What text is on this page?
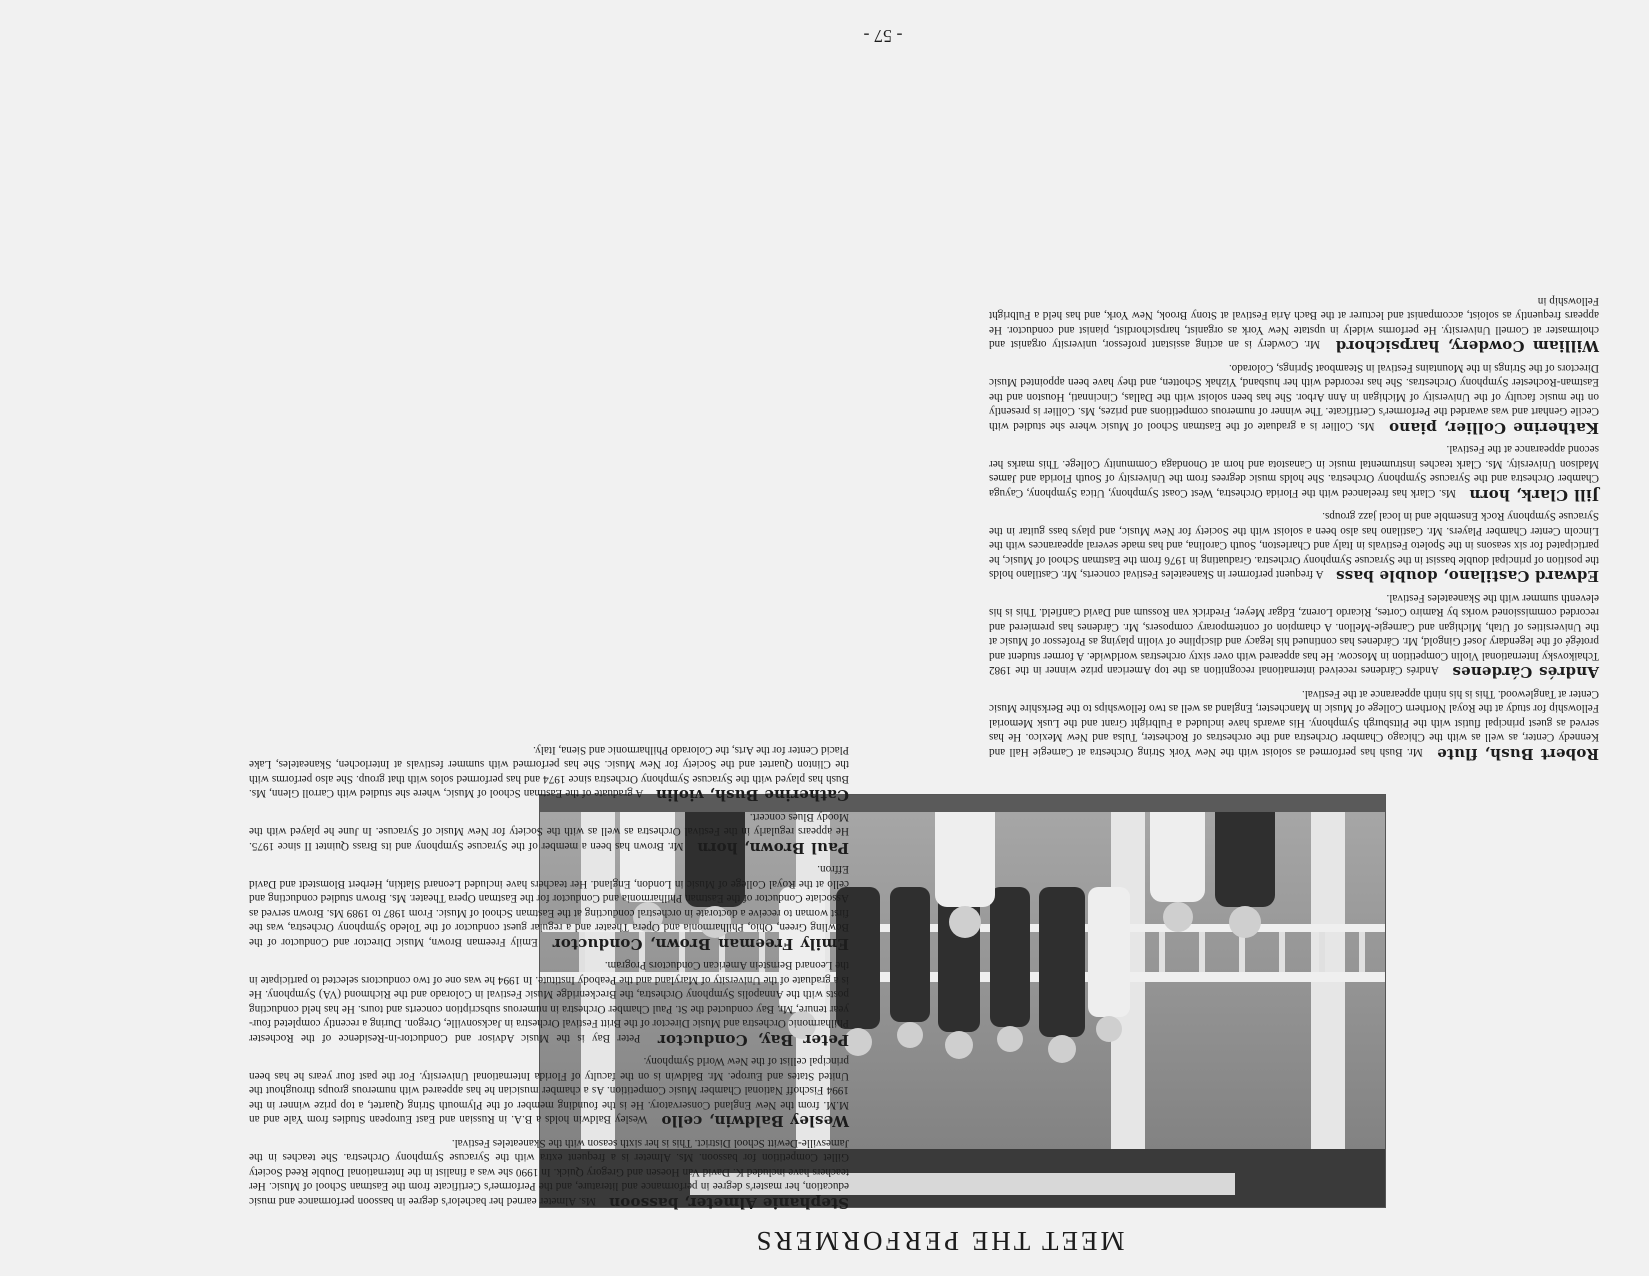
MEET THE PERFORMERS
Stephanie Almeter, bassoon Ms. Almeter earned her bachelor's degree in bassoon performance and music education, her master's degree in performance and literature, and the Performer's Certificate from the Eastman School of Music. Her teachers have included K. David Van Hoesen and Gregory Quick. In 1990 she was a finalist in the International Double Reed Society Gillet Competition for bassoon. Ms. Almeter is a frequent extra with the Syracuse Symphony Orchestra. She teaches in the Jamesville-Dewitt School District. This is her sixth season with the Skaneateles Festival.
Wesley Baldwin, cello Wesley Baldwin holds a B.A. in Russian and East European Studies from Yale and an M.M. from the New England Conservatory. He is the founding member of the Plymouth String Quartet, a top prize winner in the 1994 Fischoff National Chamber Music Competition. As a chamber musician he has appeared with numerous groups throughout the United States and Europe. Mr. Baldwin is on the faculty of Florida International University. For the past four years he has been principal cellist of the New World Symphony.
Peter Bay, Conductor Peter Bay is the Music Advisor and Conductor-in-Residence of the Rochester Philharmonic Orchestra and Music Director of the Britt Festival Orchestra in Jacksonville, Oregon. During a recently completed four-year tenure, Mr. Bay conducted the St. Paul Chamber Orchestra in numerous subscription concerts and tours. He has held conducting posts with the Annapolis Symphony Orchestra, the Breckenridge Music Festival in Colorado and the Richmond (VA) Symphony. He is a graduate of the University of Maryland and the Peabody Institute. In 1994 he was one of two conductors selected to participate in the Leonard Bernstein American Conductors Program.
Emily Freeman Brown, Conductor Emily Freeman Brown, Music Director and Conductor of the Bowling Green, Ohio, Philharmonia and Opera Theater and a regular guest conductor of the Toledo Symphony Orchestra, was the first woman to receive a doctorate in orchestral conducting at the Eastman School of Music. From 1987 to 1989 Ms. Brown served as Associate Conductor of the Eastman Philharmonia and Conductor for the Eastman Opera Theater. Ms. Brown studied conducting and cello at the Royal College of Music in London, England. Her teachers have included Leonard Slatkin, Herbert Blomstedt and David Effron.
Paul Brown, horn Mr. Brown has been a member of the Syracuse Symphony and its Brass Quintet II since 1975. He appears regularly in the Festival Orchestra as well as with the Society for New Music of Syracuse. In June he played with the Moody Blues concert.
Catherine Bush, violin A graduate of the Eastman School of Music, where she studied with Carroll Glenn, Ms. Bush has played with the Syracuse Symphony Orchestra since 1974 and has performed solos with that group. She also performs with the Clinton Quartet and the Society for New Music. She has performed with summer festivals at Interlochen, Skaneateles, Lake Placid Center for the Arts, the Colorado Philharmonic and Siena, Italy.	Robert Bush, flute Mr. Bush has performed as soloist with the New York String Orchestra at Carnegie Hall and Kennedy Center, as well as with the Chicago Chamber Orchestra and the orchestras of Rochester, Tulsa and New Mexico. He has served as guest principal flutist with the Pittsburgh Symphony. His awards have included a Fulbright Grant and the Lusk Memorial Fellowship for study at the Royal Northern College of Music in Manchester, England as well as two fellowships to the Berkshire Music Center at Tanglewood. This is his ninth appearance at the Festival.
Andrés Cárdenes Andrés Cárdenes received international recognition as the top American prize winner in the 1982 Tchaikovsky International Violin Competition in Moscow. He has appeared with over sixty orchestras worldwide. A former student and protégé of the legendary Josef Gingold, Mr. Cárdenes has continued his legacy and discipline of violin playing as Professor of Music at the Universities of Utah, Michigan and Carnegie-Mellon. A champion of contemporary composers, Mr. Cárdenes has premiered and recorded commissioned works by Ramiro Cortes, Ricardo Lorenz, Edgar Meyer, Fredrick van Rossum and David Canfield. This is his eleventh summer with the Skaneateles Festival.
Edward Castilano, double bass A frequent performer in Skaneateles Festival concerts, Mr. Castilano holds the position of principal double bassist in the Syracuse Symphony Orchestra. Graduating in 1976 from the Eastman School of Music, he participated for six seasons in the Spoleto Festivals in Italy and Charleston, South Carolina, and has made several appearances with the Lincoln Center Chamber Players. Mr. Castilano has also been a soloist with the Society for New Music, and plays bass guitar in the Syracuse Symphony Rock Ensemble and in local jazz groups.
Jill Clark, horn Ms. Clark has freelanced with the Florida Orchestra, West Coast Symphony, Utica Symphony, Cayuga Chamber Orchestra and the Syracuse Symphony Orchestra. She holds music degrees from the University of South Florida and James Madison University. Ms. Clark teaches instrumental music in Canastota and horn at Onondaga Community College. This marks her second appearance at the Festival.
Katherine Collier, piano Ms. Collier is a graduate of the Eastman School of Music where she studied with Cecile Genhart and was awarded the Performer's Certificate. The winner of numerous competitions and prizes, Ms. Collier is presently on the music faculty of the University of Michigan in Ann Arbor. She has been soloist with the Dallas, Cincinnati, Houston and the Eastman-Rochester Symphony Orchestras. She has recorded with her husband, Yizhak Schotten, and they have been appointed Music Directors of the Strings in the Mountains Festival in Steamboat Springs, Colorado.
William Cowdery, harpsichord Mr. Cowdery is an acting assistant professor, university organist and choirmaster at Cornell University. He performs widely in upstate New York as organist, harpsichordist, pianist and conductor. He appears frequently as soloist, accompanist and lecturer at the Bach Aria Festival at Stony Brook, New York, and has held a Fulbright Fellowship in
- 57 -
